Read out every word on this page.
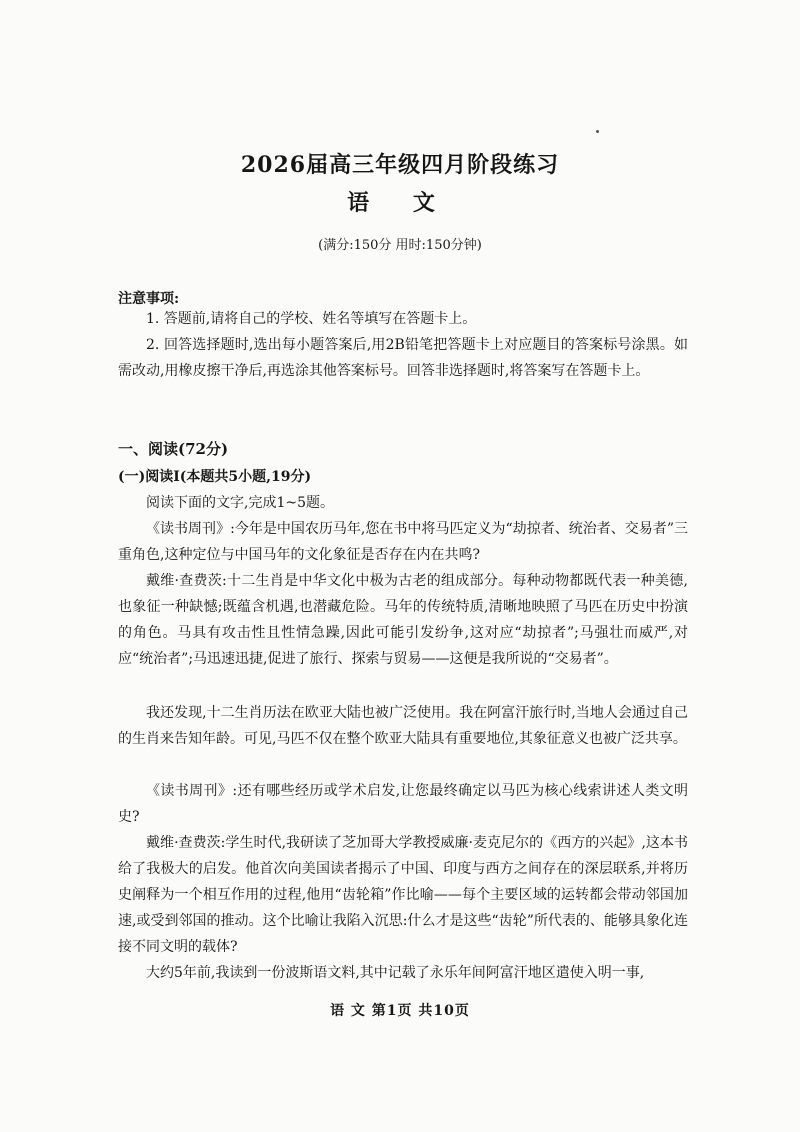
2026届高三年级四月阶段练习
语 文
(满分:150分 用时:150分钟)
注意事项:
1. 答题前,请将自己的学校、姓名等填写在答题卡上。
2. 回答选择题时,选出每小题答案后,用2B铅笔把答题卡上对应题目的答案标号涂黑。如需改动,用橡皮擦干净后,再选涂其他答案标号。回答非选择题时,将答案写在答题卡上。
一、阅读(72分)
(一)阅读Ⅰ(本题共5小题,19分)
阅读下面的文字,完成1~5题。
《读书周刊》:今年是中国农历马年,您在书中将马匹定义为“劫掠者、统治者、交易者”三重角色,这种定位与中国马年的文化象征是否存在内在共鸣?
戴维·查费茨:十二生肖是中华文化中极为古老的组成部分。每种动物都既代表一种美德,也象征一种缺憾;既蕴含机遇,也潜藏危险。马年的传统特质,清晰地映照了马匹在历史中扮演的角色。马具有攻击性且性情急躁,因此可能引发纷争,这对应“劫掠者”;马强壮而威严,对应“统治者”;马迅速迅捷,促进了旅行、探索与贸易——这便是我所说的“交易者”。
我还发现,十二生肖历法在欧亚大陆也被广泛使用。我在阿富汗旅行时,当地人会通过自己的生肖来告知年龄。可见,马匹不仅在整个欧亚大陆具有重要地位,其象征意义也被广泛共享。
《读书周刊》:还有哪些经历或学术启发,让您最终确定以马匹为核心线索讲述人类文明史?
戴维·查费茨:学生时代,我研读了芝加哥大学教授威廉·麦克尼尔的《西方的兴起》,这本书给了我极大的启发。他首次向美国读者揭示了中国、印度与西方之间存在的深层联系,并将历史阐释为一个相互作用的过程,他用“齿轮箱”作比喻——每个主要区域的运转都会带动邻国加速,或受到邻国的推动。这个比喻让我陷入沉思:什么才是这些“齿轮”所代表的、能够具象化连接不同文明的载体?
大约5年前,我读到一份波斯语文料,其中记载了永乐年间阿富汗地区遣使入明一事,
语 文 第1页 共10页
